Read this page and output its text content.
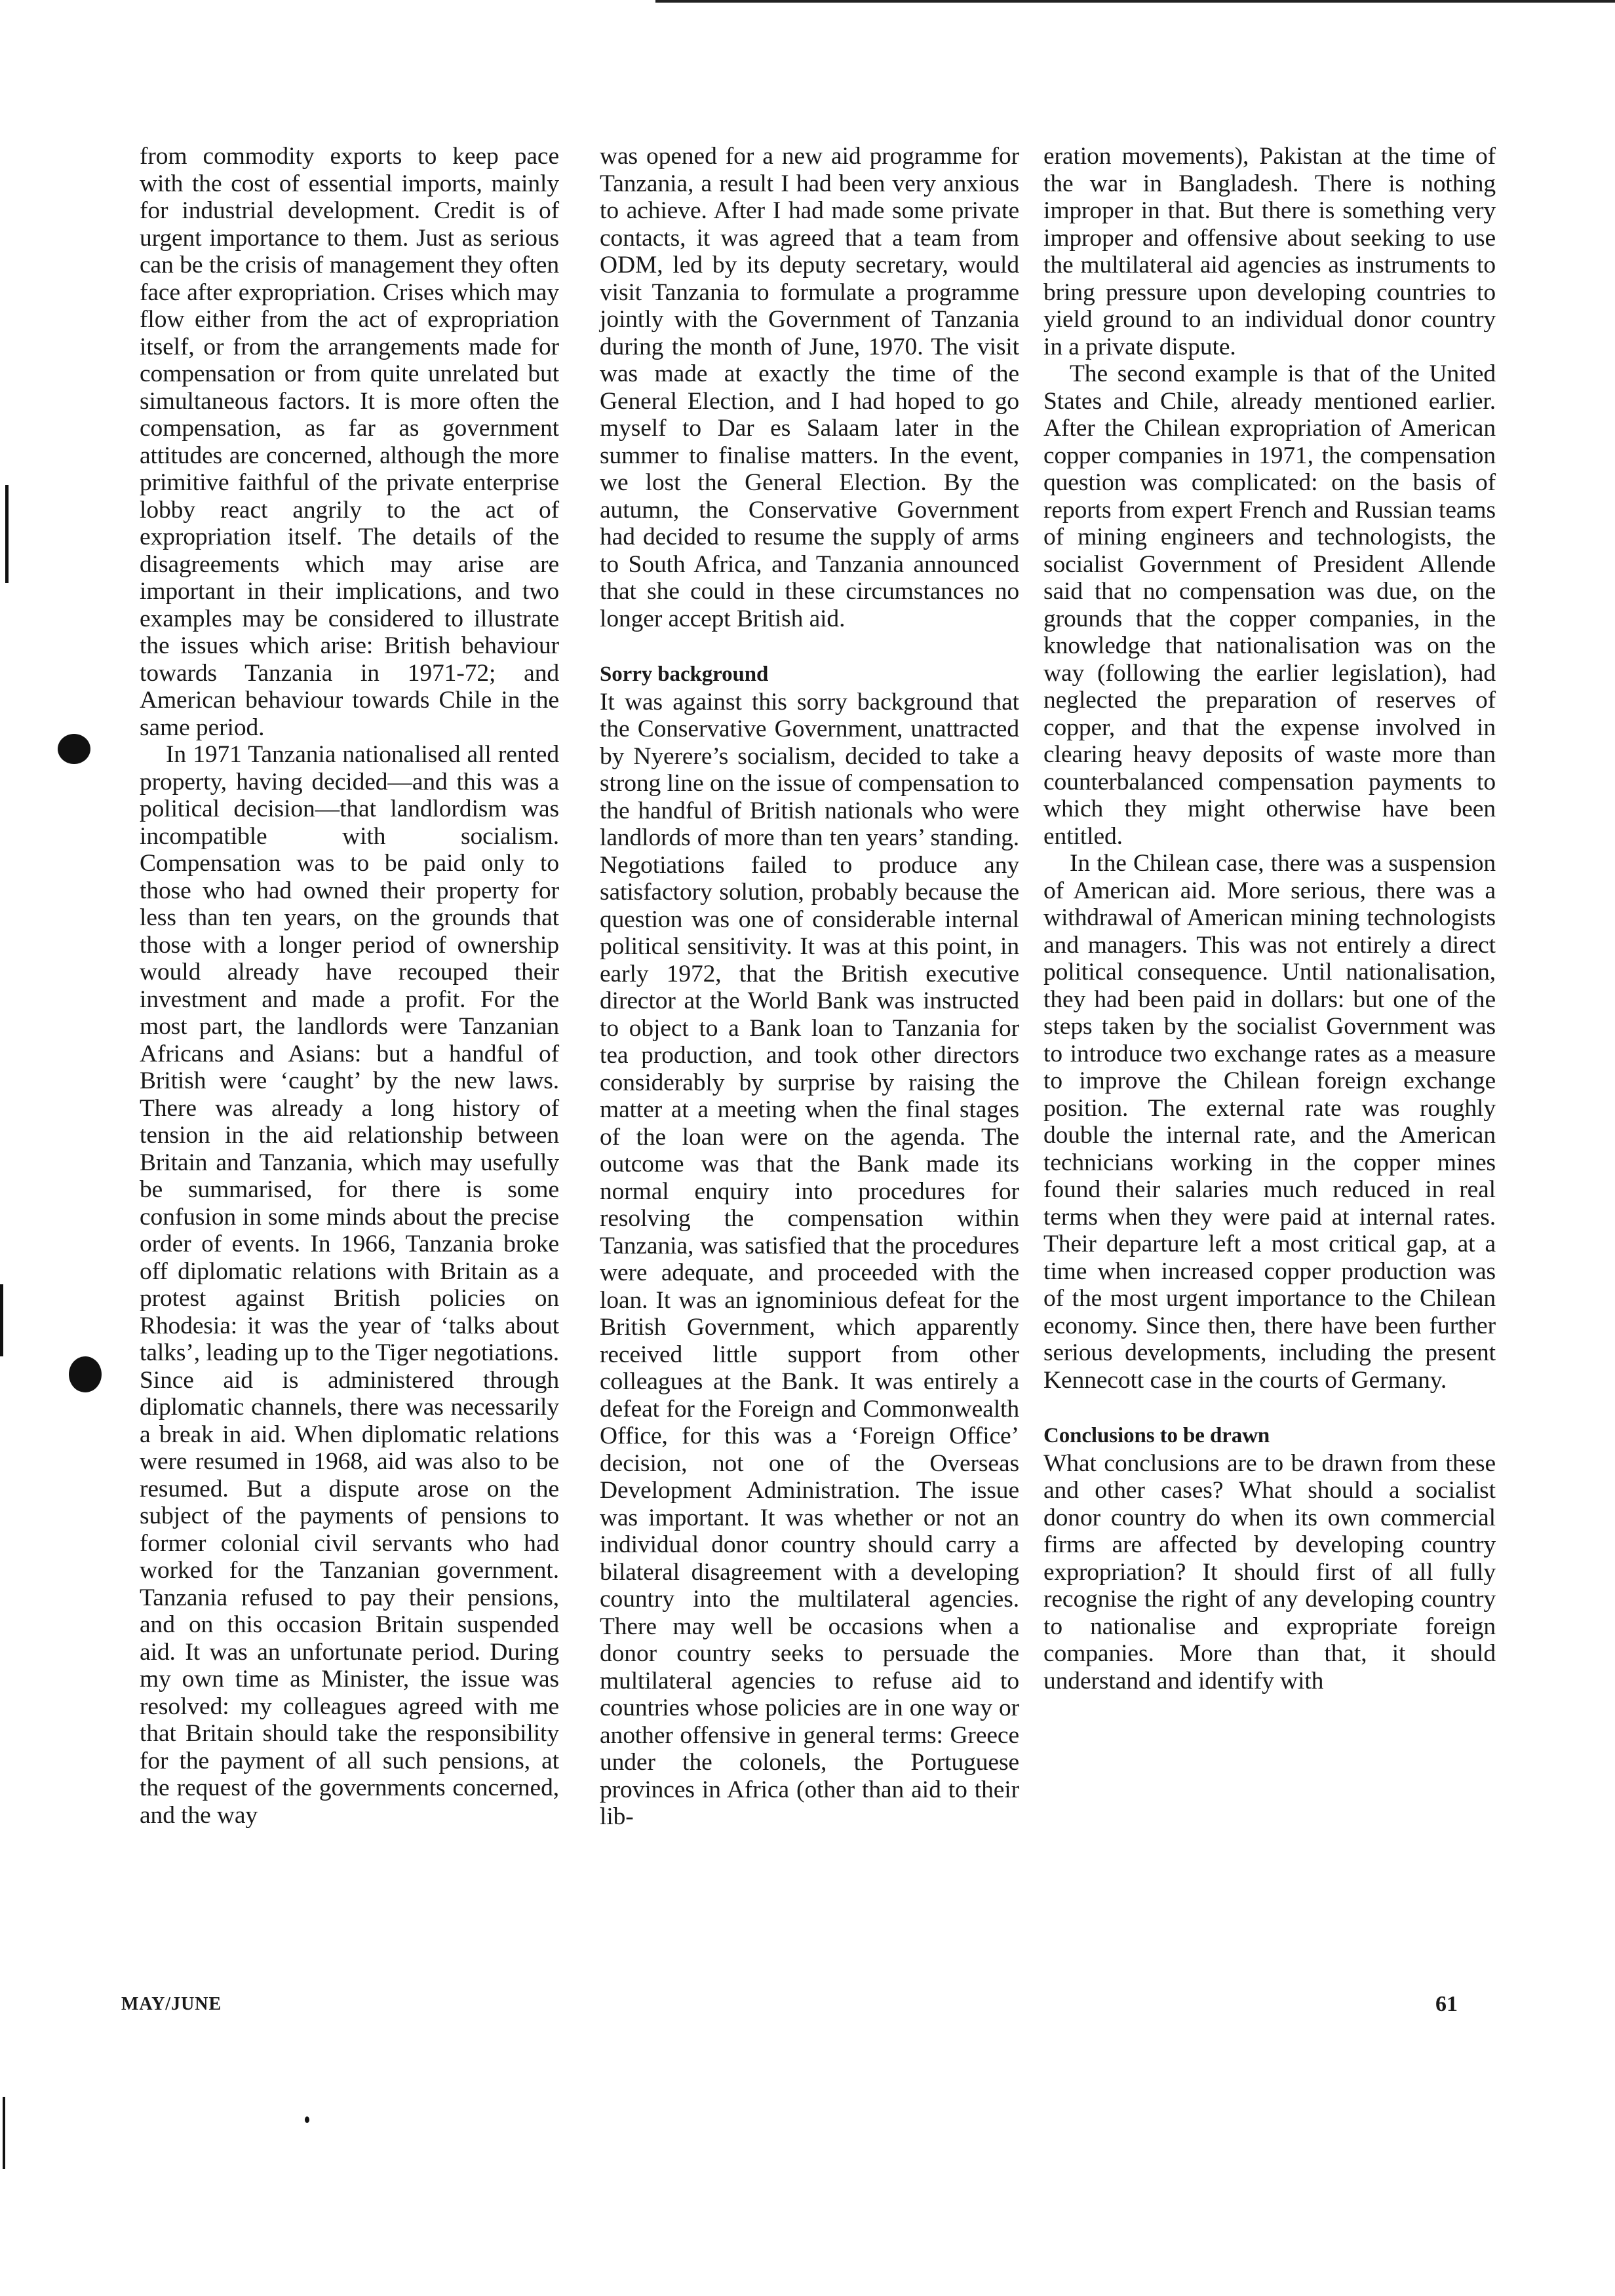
from commodity exports to keep pace with the cost of essential imports, mainly for industrial development. Credit is of urgent importance to them. Just as serious can be the crisis of management they often face after expropriation. Crises which may flow either from the act of expropriation itself, or from the arrangements made for compensation or from quite unrelated but simultaneous factors. It is more often the compensation, as far as government attitudes are concerned, although the more primitive faithful of the private enterprise lobby react angrily to the act of expropriation itself. The details of the disagreements which may arise are important in their implications, and two examples may be considered to illustrate the issues which arise: British behaviour towards Tanzania in 1971-72; and American behaviour towards Chile in the same period.

In 1971 Tanzania nationalised all rented property, having decided—and this was a political decision—that landlordism was incompatible with socialism. Compensation was to be paid only to those who had owned their property for less than ten years, on the grounds that those with a longer period of ownership would already have recouped their investment and made a profit. For the most part, the landlords were Tanzanian Africans and Asians: but a handful of British were ‘caught’ by the new laws. There was already a long history of tension in the aid relationship between Britain and Tanzania, which may usefully be summarised, for there is some confusion in some minds about the precise order of events. In 1966, Tanzania broke off diplomatic relations with Britain as a protest against British policies on Rhodesia: it was the year of ‘talks about talks’, leading up to the Tiger negotiations. Since aid is administered through diplomatic channels, there was necessarily a break in aid. When diplomatic relations were resumed in 1968, aid was also to be resumed. But a dispute arose on the subject of the payments of pensions to former colonial civil servants who had worked for the Tanzanian government. Tanzania refused to pay their pensions, and on this occasion Britain suspended aid. It was an unfortunate period. During my own time as Minister, the issue was resolved: my colleagues agreed with me that Britain should take the responsibility for the payment of all such pensions, at the request of the governments concerned, and the way

was opened for a new aid programme for Tanzania, a result I had been very anxious to achieve. After I had made some private contacts, it was agreed that a team from ODM, led by its deputy secretary, would visit Tanzania to formulate a programme jointly with the Government of Tanzania during the month of June, 1970. The visit was made at exactly the time of the General Election, and I had hoped to go myself to Dar es Salaam later in the summer to finalise matters. In the event, we lost the General Election. By the autumn, the Conservative Government had decided to resume the supply of arms to South Africa, and Tanzania announced that she could in these circumstances no longer accept British aid.

Sorry background

It was against this sorry background that the Conservative Government, unattracted by Nyerere’s socialism, decided to take a strong line on the issue of compensation to the handful of British nationals who were landlords of more than ten years’ standing. Negotiations failed to produce any satisfactory solution, probably because the question was one of considerable internal political sensitivity. It was at this point, in early 1972, that the British executive director at the World Bank was instructed to object to a Bank loan to Tanzania for tea production, and took other directors considerably by surprise by raising the matter at a meeting when the final stages of the loan were on the agenda. The outcome was that the Bank made its normal enquiry into procedures for resolving the compensation within Tanzania, was satisfied that the procedures were adequate, and proceeded with the loan. It was an ignominious defeat for the British Government, which apparently received little support from other colleagues at the Bank. It was entirely a defeat for the Foreign and Commonwealth Office, for this was a ‘Foreign Office’ decision, not one of the Overseas Development Administration. The issue was important. It was whether or not an individual donor country should carry a bilateral disagreement with a developing country into the multilateral agencies. There may well be occasions when a donor country seeks to persuade the multilateral agencies to refuse aid to countries whose policies are in one way or another offensive in general terms: Greece under the colonels, the Portuguese provinces in Africa (other than aid to their lib-

eration movements), Pakistan at the time of the war in Bangladesh. There is nothing improper in that. But there is something very improper and offensive about seeking to use the multilateral aid agencies as instruments to bring pressure upon developing countries to yield ground to an individual donor country in a private dispute.

The second example is that of the United States and Chile, already mentioned earlier. After the Chilean expropriation of American copper companies in 1971, the compensation question was complicated: on the basis of reports from expert French and Russian teams of mining engineers and technologists, the socialist Government of President Allende said that no compensation was due, on the grounds that the copper companies, in the knowledge that nationalisation was on the way (following the earlier legislation), had neglected the preparation of reserves of copper, and that the expense involved in clearing heavy deposits of waste more than counterbalanced compensation payments to which they might otherwise have been entitled.

In the Chilean case, there was a suspension of American aid. More serious, there was a withdrawal of American mining technologists and managers. This was not entirely a direct political consequence. Until nationalisation, they had been paid in dollars: but one of the steps taken by the socialist Government was to introduce two exchange rates as a measure to improve the Chilean foreign exchange position. The external rate was roughly double the internal rate, and the American technicians working in the copper mines found their salaries much reduced in real terms when they were paid at internal rates. Their departure left a most critical gap, at a time when increased copper production was of the most urgent importance to the Chilean economy. Since then, there have been further serious developments, including the present Kennecott case in the courts of Germany.

Conclusions to be drawn

What conclusions are to be drawn from these and other cases? What should a socialist donor country do when its own commercial firms are affected by developing country expropriation? It should first of all fully recognise the right of any developing country to nationalise and expropriate foreign companies. More than that, it should understand and identify with

MAY/JUNE	61
